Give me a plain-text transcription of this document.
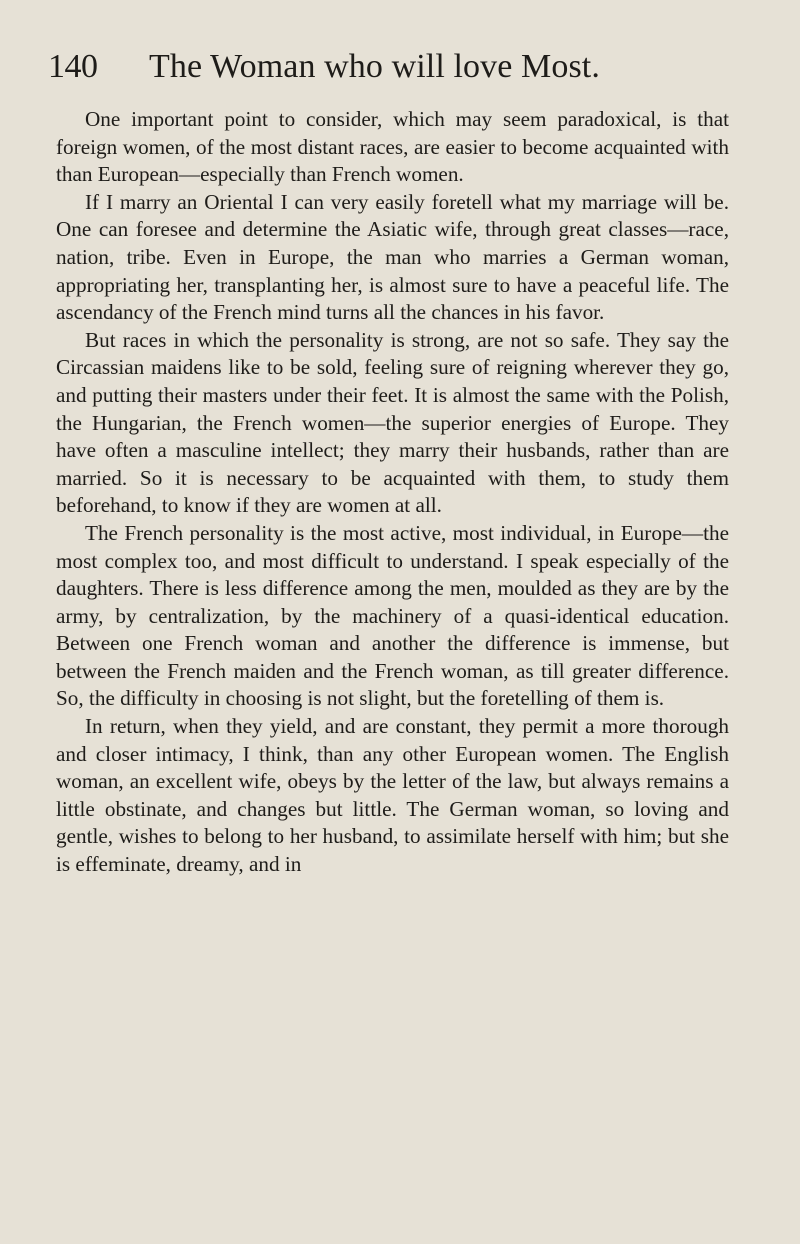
140 The Woman who will love Most.

One important point to consider, which may seem paradoxical, is that foreign women, of the most distant races, are easier to become acquainted with than European—especially than French women.

If I marry an Oriental I can very easily foretell what my marriage will be. One can foresee and determine the Asiatic wife, through great classes—race, nation, tribe. Even in Europe, the man who marries a German woman, appropriating her, transplanting her, is almost sure to have a peaceful life. The ascendancy of the French mind turns all the chances in his favor.

But races in which the personality is strong, are not so safe. They say the Circassian maidens like to be sold, feeling sure of reigning wherever they go, and putting their masters under their feet. It is almost the same with the Polish, the Hungarian, the French women—the superior energies of Europe. They have often a masculine intellect; they marry their husbands, rather than are married. So it is necessary to be acquainted with them, to study them beforehand, to know if they are women at all.

The French personality is the most active, most individual, in Europe—the most complex too, and most difficult to understand. I speak especially of the daughters. There is less difference among the men, moulded as they are by the army, by centralization, by the machinery of a quasi-identical education. Between one French woman and another the difference is immense, but between the French maiden and the French woman, as till greater difference. So, the difficulty in choosing is not slight, but the foretelling of them is.

In return, when they yield, and are constant, they permit a more thorough and closer intimacy, I think, than any other European women. The English woman, an excellent wife, obeys by the letter of the law, but always remains a little obstinate, and changes but little. The German woman, so loving and gentle, wishes to belong to her husband, to assimilate herself with him; but she is effeminate, dreamy, and in
